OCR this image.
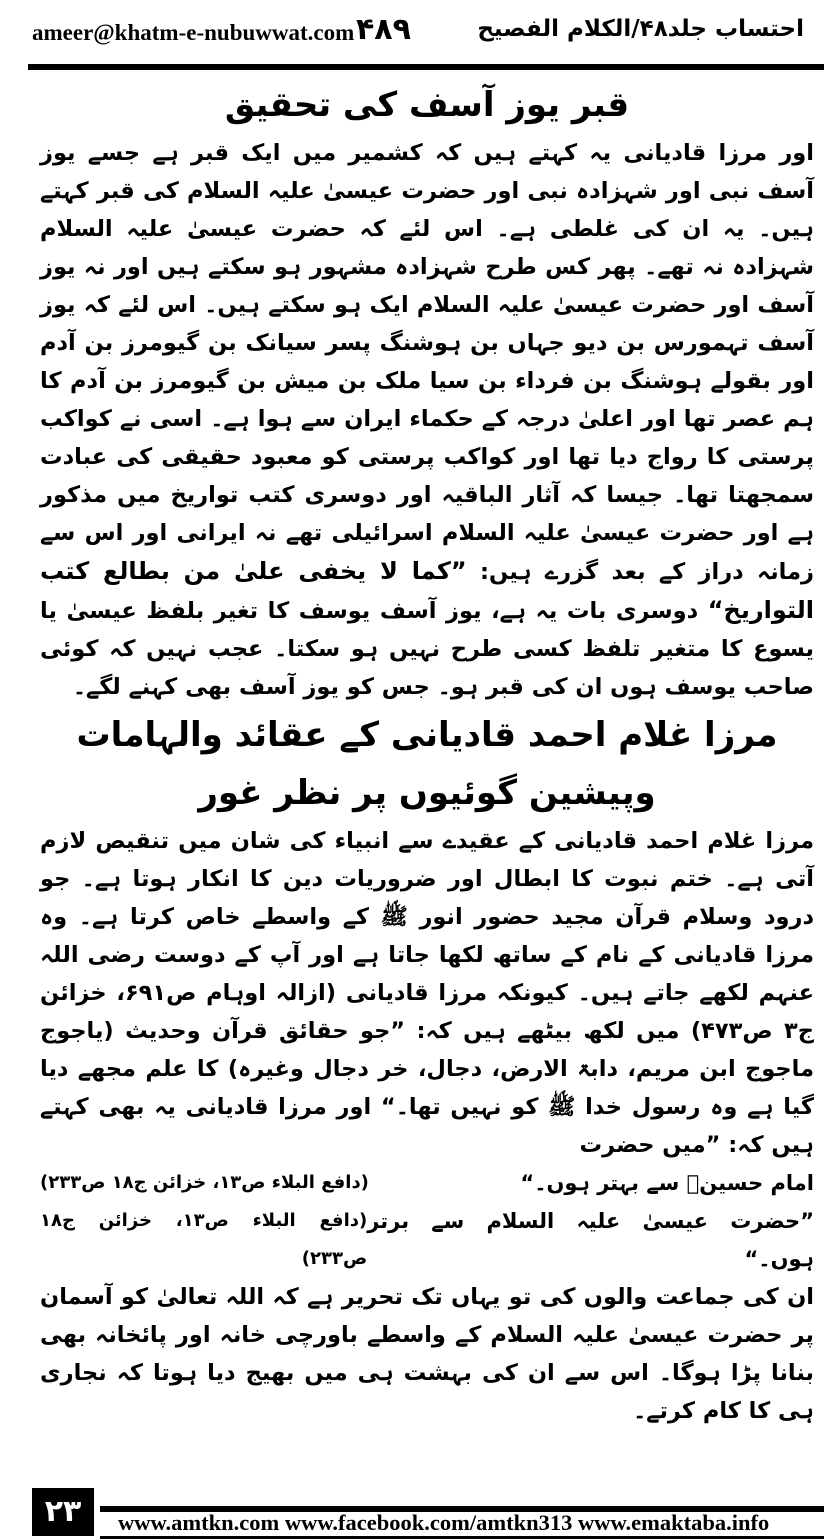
ameer@khatm-e-nubuwwat.com ۴۸۹	احتساب جلد۴۸/الکلام الفصیح
قبر یوز آسف کی تحقیق

اور مرزا قادیانی یہ کہتے ہیں کہ کشمیر میں ایک قبر ہے جسے یوز آسف نبی اور شہزادہ نبی اور حضرت عیسیٰ علیہ السلام کی قبر کہتے ہیں۔ یہ ان کی غلطی ہے۔ اس لئے کہ حضرت عیسیٰ علیہ السلام شہزادہ نہ تھے۔ پھر کس طرح شہزادہ مشہور ہو سکتے ہیں اور نہ یوز آسف اور حضرت عیسیٰ علیہ السلام ایک ہو سکتے ہیں۔ اس لئے کہ یوز آسف تہمورس بن دیو جہاں بن ہوشنگ پسر سیانک بن گیومرز بن آدم اور بقولے ہوشنگ بن فرداء بن سیا ملک بن میش بن گیومرز بن آدم کا ہم عصر تھا اور اعلیٰ درجہ کے حکماء ایران سے ہوا ہے۔ اسی نے کواکب پرستی کا رواج دیا تھا اور کواکب پرستی کو معبود حقیقی کی عبادت سمجھتا تھا۔ جیسا کہ آثار الباقیہ اور دوسری کتب تواریخ میں مذکور ہے اور حضرت عیسیٰ علیہ السلام اسرائیلی تھے نہ ایرانی اور اس سے زمانہ دراز کے بعد گزرے ہیں: ”کما لا یخفی علیٰ من بطالع کتب التواریخ“ دوسری بات یہ ہے، یوز آسف یوسف کا تغیر بلفظ عیسیٰ یا یسوع کا متغیر تلفظ کسی طرح نہیں ہو سکتا۔ عجب نہیں کہ کوئی صاحب یوسف ہوں ان کی قبر ہو۔ جس کو یوز آسف بھی کہنے لگے۔

مرزا غلام احمد قادیانی کے عقائد والہامات وپیشین گوئیوں پر نظر غور

مرزا غلام احمد قادیانی کے عقیدے سے انبیاء کی شان میں تنقیص لازم آتی ہے۔ ختم نبوت کا ابطال اور ضروریات دین کا انکار ہوتا ہے۔ جو درود وسلام قرآن مجید حضور انور ﷺ کے واسطے خاص کرتا ہے۔ وہ مرزا قادیانی کے نام کے ساتھ لکھا جاتا ہے اور آپ کے دوست رضی اللہ عنہم لکھے جاتے ہیں۔ کیونکہ مرزا قادیانی (ازالہ اوہام ص۶۹۱، خزائن ج۳ ص۴۷۳) میں لکھ بیٹھے ہیں کہ: ”جو حقائق قرآن وحدیث (یاجوج ماجوج ابن مریم، دابۃ الارض، دجال، خر دجال وغیرہ) کا علم مجھے دیا گیا ہے وہ رسول خدا ﷺ کو نہیں تھا۔“ اور مرزا قادیانی یہ بھی کہتے ہیں کہ: ”میں حضرت

امام حسینؓ سے بہتر ہوں۔“
(دافع البلاء ص۱۳، خزائن ج۱۸ ص۲۳۳)
”حضرت عیسیٰ علیہ السلام سے برتر ہوں۔“
(دافع البلاء ص۱۳، خزائن ج۱۸ ص۲۳۳)

ان کی جماعت والوں کی تو یہاں تک تحریر ہے کہ اللہ تعالیٰ کو آسمان پر حضرت عیسیٰ علیہ السلام کے واسطے باورچی خانہ اور پائخانہ بھی بنانا پڑا ہوگا۔ اس سے ان کی بہشت ہی میں بھیج دیا ہوتا کہ نجاری ہی کا کام کرتے۔

۲۳	www.amtkn.com www.facebook.com/amtkn313 www.emaktaba.info
